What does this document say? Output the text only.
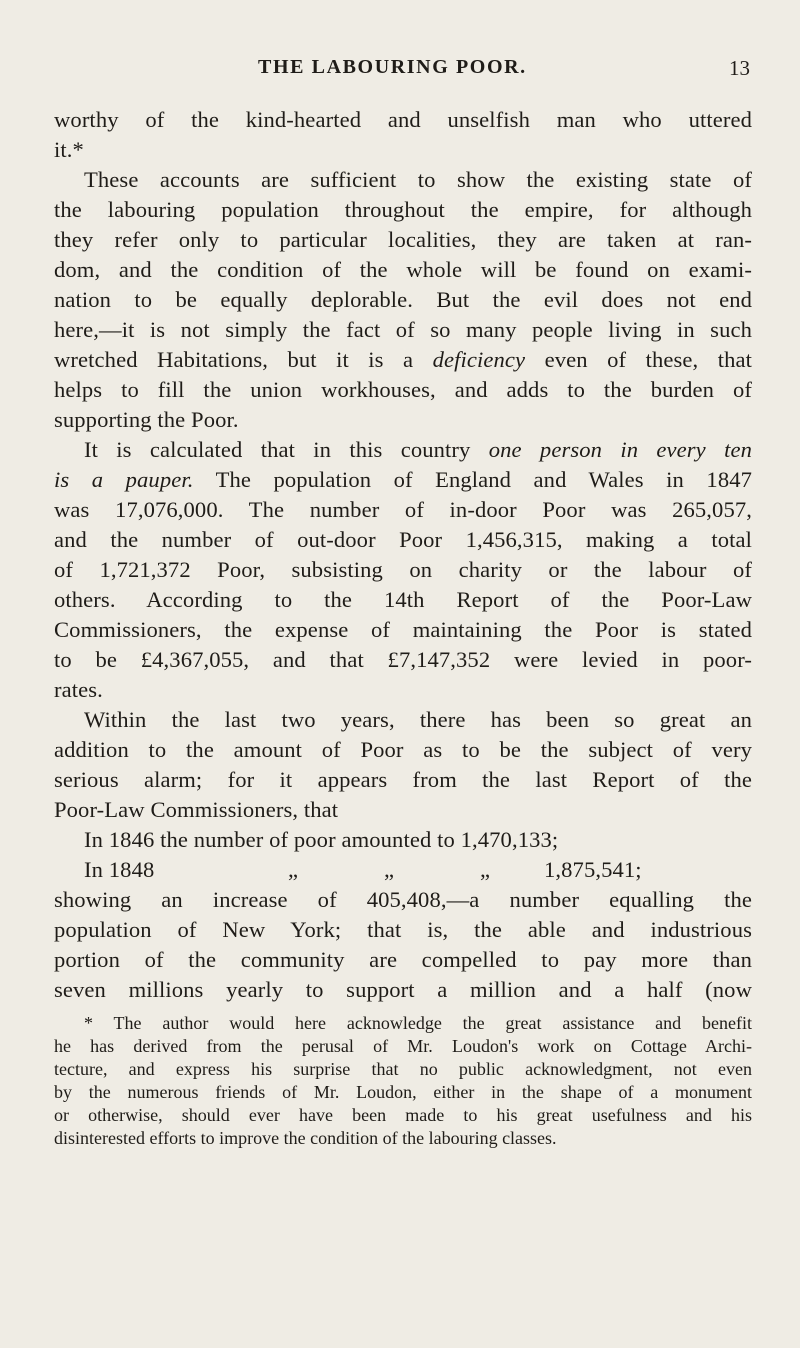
THE LABOURING POOR.	13
worthy of the kind-hearted and unselfish man who uttered
it.*
These accounts are sufficient to show the existing state of
the labouring population throughout the empire, for although
they refer only to particular localities, they are taken at ran-
dom, and the condition of the whole will be found on exami-
nation to be equally deplorable. But the evil does not end
here,—it is not simply the fact of so many people living in such
wretched Habitations, but it is a deficiency even of these, that
helps to fill the union workhouses, and adds to the burden of
supporting the Poor.
It is calculated that in this country one person in every ten
is a pauper. The population of England and Wales in 1847
was 17,076,000. The number of in-door Poor was 265,057,
and the number of out-door Poor 1,456,315, making a total
of 1,721,372 Poor, subsisting on charity or the labour of
others. According to the 14th Report of the Poor-Law
Commissioners, the expense of maintaining the Poor is stated
to be £4,367,055, and that £7,147,352 were levied in poor-
rates.
Within the last two years, there has been so great an
addition to the amount of Poor as to be the subject of very
serious alarm; for it appears from the last Report of the
Poor-Law Commissioners, that
In 1846 the number of poor amounted to 1,470,133;
In 1848	„	„	„ 1,875,541;
showing an increase of 405,408,—a number equalling the
population of New York; that is, the able and industrious
portion of the community are compelled to pay more than
seven millions yearly to support a million and a half (now
* The author would here acknowledge the great assistance and benefit
he has derived from the perusal of Mr. Loudon's work on Cottage Archi-
tecture, and express his surprise that no public acknowledgment, not even
by the numerous friends of Mr. Loudon, either in the shape of a monument
or otherwise, should ever have been made to his great usefulness and his
disinterested efforts to improve the condition of the labouring classes.
